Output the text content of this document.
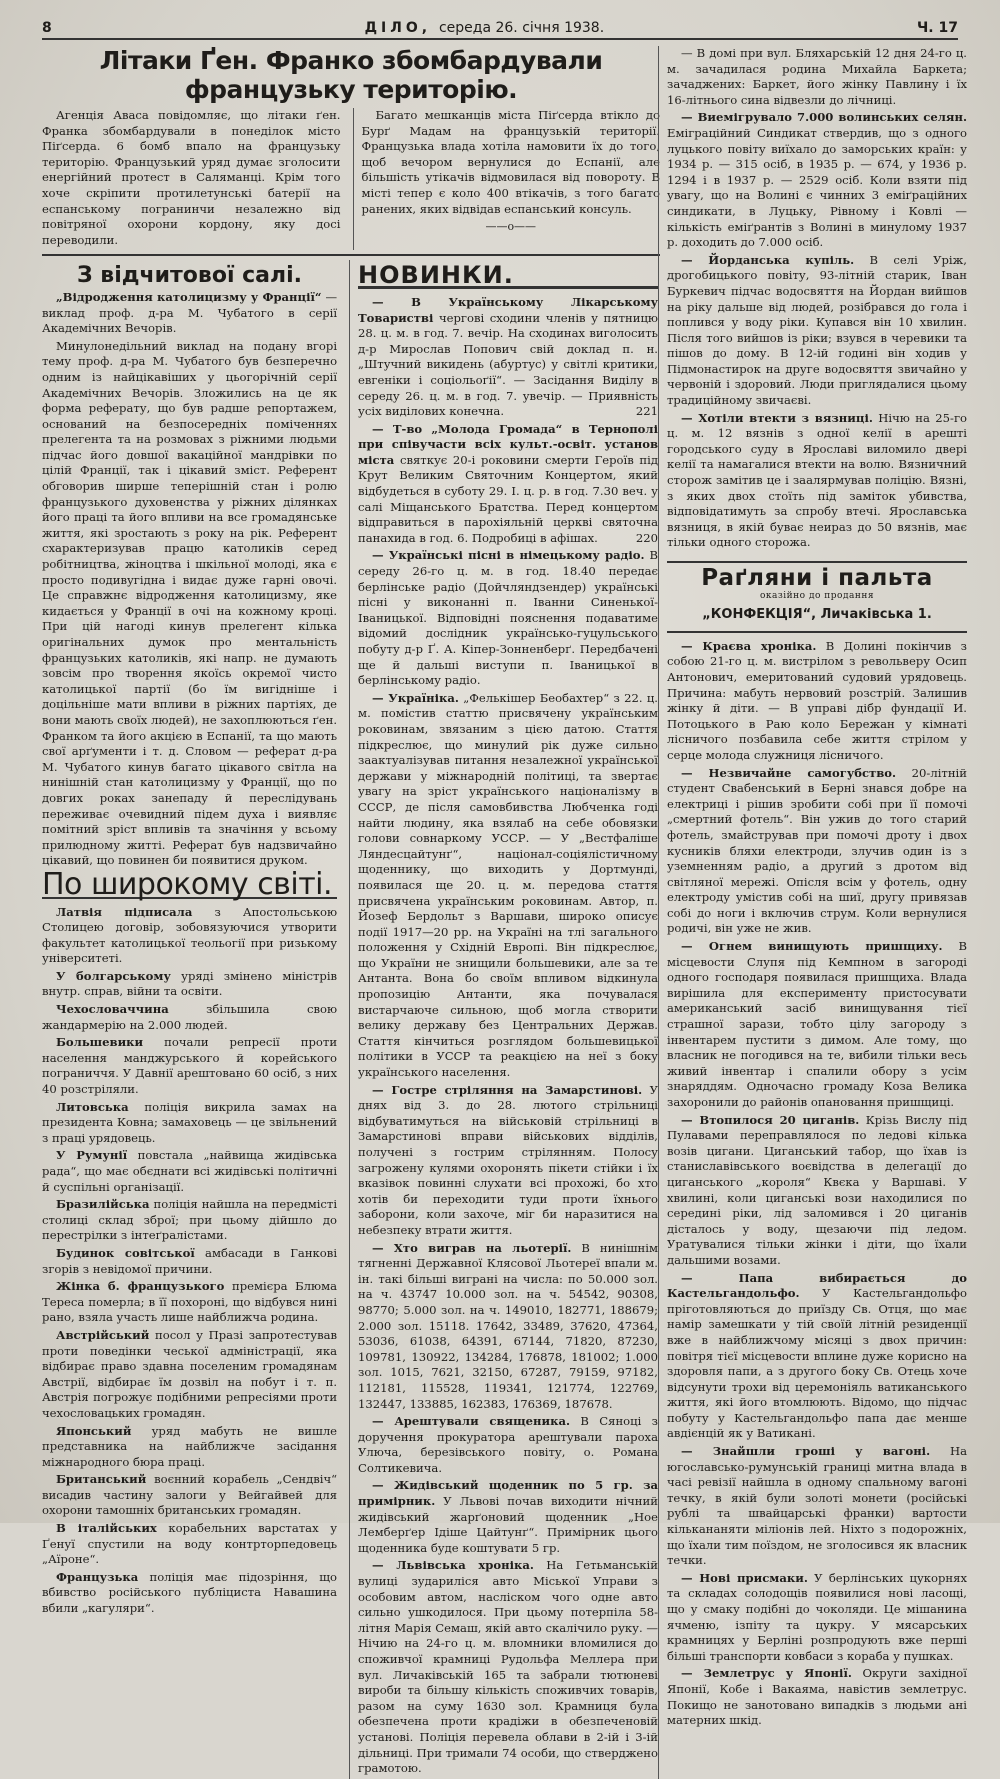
8	ДІЛО, середа 26. січня 1938.	Ч. 17
Літаки Ґен. Франко збомбардували французьку територію.

Агенція Аваса повідомляє, що літаки ґен. Франка збомбардували в понеділок місто Піґсерда. 6 бомб впало на французьку територію. Французький уряд думає зголосити енергійний протест в Саляманці. Крім того хоче скріпити протилетунські батерії на еспанському погранинчи незалежно від повітряної охорони кордону, яку досі переводили.

Багато мешканців міста Піґсерда втікло до Бурґ Мадам на французькій території. Французька влада хотіла намовити їх до того, щоб вечором вернулися до Еспанії, але більшість утікачів відмовилася від повороту. В місті тепер є коло 400 втікачів, з того багато ранених, яких відвідав еспанський консуль.

——o——
З відчитової салі.

„Відродження католицизму у Франції“ — виклад проф. д-ра М. Чубатого в серії Академічних Вечорів.

Минулонедільний виклад на подану вгорі тему проф. д-ра М. Чубатого був безперечно одним із найцікавіших у цьогорічній серії Академічних Вечорів. Зложились на це як форма реферату, що був радше репортажем, оснований на безпосередніх поміченнях прелегента та на розмовах з ріжними людьми підчас його довшої вакаційної мандрівки по цілій Франції, так і цікавий зміст. Референт обговорив ширше теперішній стан і ролю французького духовенства у ріжних ділянках його праці та його впливи на все громадянське життя, які зростають з року на рік. Референт схарактеризував працю католиків серед робітництва, жіноцтва і шкільної молоді, яка є просто подивугідна і видає дуже гарні овочі. Це справжнє відродження католицизму, яке кидається у Франції в очі на кожному кроці. При цій нагоді кинув прелегент кілька оригінальних думок про ментальність французьких католиків, які напр. не думають зовсім про творення якоїсь окремої чисто католицької партії (бо їм вигідніше і доцільніше мати впливи в ріжних партіях, де вони мають своїх людей), не захоплюються ґен. Франком та його акцією в Еспанії, та що мають свої арґументи і т. д. Словом — реферат д-ра М. Чубатого кинув багато цікавого світла на нинішній стан католицизму у Франції, що по довгих роках занепаду й переслідувань переживає очевидний підем духа і виявляє помітний зріст впливів та значіння у всьому прилюдному житті. Реферат був надзвичайно цікавий, що повинен би появитися друком.

По широкому світі.

Латвія підписала з Апостольською Столицею договір, зобовязуючися утворити факультет католицької теольогії при ризькому університеті.

У болгарському уряді змінено міністрів внутр. справ, війни та освіти.

Чехословаччина збільшила свою жандармерію на 2.000 людей.

Большевики почали репресії проти населення манджурського й корейського пограниччя. У Давнії арештовано 60 осіб, з них 40 розстріляли.

Литовська поліція викрила замах на президента Ковна; замаховець — це звільнений з праці урядовець.

У Румунії повстала „найвища жидівська рада“, що має обєднати всі жидівські політичні й суспільні організації.

Бразилійська поліція найшла на передмісті столиці склад зброї; при цьому дійшло до перестрілки з інтеґралістами.

Будинок совітської амбасади в Ганкові згорів з невідомої причини.

Жінка б. французького премієра Блюма Тереса померла; в її похороні, що відбувся нині рано, взяла участь лише найближча родина.

Австрійський посол у Празі запротестував проти поведінки чеської адміністрації, яка відбирає право здавна поселеним громадянам Австрії, відбирає їм дозвіл на побут і т. п. Австрія погрожує подібними репресіями проти чехословацьких громадян.

Японський уряд мабуть не вишле представника на найближче засідання міжнародного бюра праці.

Британський воєнний корабель „Сендвіч“ висадив частину залоги у Вейгайвей для охорони тамошніх британських громадян.

В італійських корабельних варстатах у Ґенуї спустили на воду контрторпедовець „Аїроне“.

Французька поліція має підозріння, що вбивство російського публіциста Навашина вбили „кагуляри“.

НОВИНКИ.

— В Українському Лікарському Товаристві чергові сходини членів у пятницю 28. ц. м. в год. 7. вечір. На сходинах виголосить д-р Мирослав Попович свій доклад п. н. „Штучний викидень (абуртус) у світлі критики, евгеніки і соціольоґії“. — Засідання Виділу в середу 26. ц. м. в год. 7. увечір. — Приявність усіх виділових конечна.	221

— Т-во „Молода Громада“ в Тернополі при співучасти всіх культ.-освіт. установ міста святкує 20-і роковини смерти Героїв під Крут Великим Святочним Концертом, який відбудеться в суботу 29. І. ц. р. в год. 7.30 веч. у салі Міщанського Братства. Перед концертом відправиться в парохіяльній церкві святочна панахида в год. 6. Подробиці в афішах.	220

— Українські пісні в німецькому радіо. В середу 26-го ц. м. в год. 18.40 передає берлінське радіо (Дойчляндзендер) українські пісні у виконанні п. Іванни Синенької-Іваницької. Відповідні пояснення подаватиме відомий дослідник українсько-гуцульського побуту д-р Ґ. А. Кіпер-Зонненберґ. Передбачені ще й дальші виступи п. Іваницької в берлінському радіо.

— Україніка. „Фелькішер Беобахтер“ з 22. ц. м. помістив статтю присвячену українським роковинам, звязаним з цією датою. Стаття підкреслює, що минулий рік дуже сильно заактуалізував питання незалежної української держави у міжнародній політиці, та звертає увагу на зріст українського націоналізму в СССР, де після самовбивства Любченка годі найти людину, яка взялаб на себе обовязки голови совнаркому УССР. — У „Вестфаліше Ляндесцайтунґ“, націонал-соціялістичному щоденнику, що виходить у Дортмунді, появилася ще 20. ц. м. передова стаття присвячена українським роковинам. Автор, п. Йозеф Бердольт з Варшави, широко описує події 1917—20 рр. на Україні на тлі загального положення у Східній Европі. Він підкреслює, що України не знищили большевики, але за те Антанта. Вона бо своїм впливом відкинула пропозицію Антанти, яка почувалася вистарчаюче сильною, щоб могла створити велику державу без Центральних Держав. Стаття кінчиться розглядом большевицької політики в УССР та реакцією на неї з боку українського населення.

— Гостре стріляння на Замарстинові. У днях від 3. до 28. лютого стрільниці відбуватимуться на військовій стрільниці в Замарстинові вправи військових відділів, получені з гострим стрілянням. Полосу загрожену кулями охоронять пікети стійки і їх вказівок повинні слухати всі прохожі, бо хто хотів би переходити туди проти їхнього заборони, коли захоче, міг би наразитися на небезпеку втрати життя.

— Хто виграв на льотерії. В нинішнім тягненні Державної Клясової Льотереї впали м. ін. такі більші виграні на числа: по 50.000 зол. на ч. 43747 10.000 зол. на ч. 54542, 90308, 98770; 5.000 зол. на ч. 149010, 182771, 188679; 2.000 зол. 15118. 17642, 33489, 37620, 47364, 53036, 61038, 64391, 67144, 71820, 87230, 109781, 130922, 134284, 176878, 181002; 1.000 зол. 1015, 7621, 32150, 67287, 79159, 97182, 112181, 115528, 119341, 121774, 122769, 132447, 133885, 162383, 176369, 187678.

— Арештували священика. В Сяноці з доручення прокуратора арештували пароха Улюча, березівського повіту, о. Романа Солтикевича.

— Жидівський щоденник по 5 гр. за примірник. У Львові почав виходити нічний жидівський жарґоновий щоденник „Ное Лемберґер Ідіше Цайтунґ“. Примірник цього щоденника буде коштувати 5 гр.

— Львівська хроніка. На Гетьманській вулиці зудариліся авто Міської Управи з особовим автом, насліском чого одне авто сильно ушкодилося. При цьому потерпіла 58-літня Марія Семаш, якій авто скалічило руку. — Нічию на 24-го ц. м. вломники вломилися до споживчої крамниці Рудольфа Меллера при вул. Личаківській 165 та забрали тютюневі вироби та більшу кількість споживчих товарів, разом на суму 1630 зол. Крамниця була обезпечена проти крадіжи в обезпеченовій установі. Поліція перевела облави в 2-ій і 3-ій дільниці. При тримали 74 особи, що стверджено грамотою.

— В домі при вул. Бляхарській 12 дня 24-го ц. м. зачадилася родина Михайла Баркета; зачаджених: Баркет, його жінку Павлину і їх 16-літнього сина відвезли до лічниці.

— Виемігрувало 7.000 волинських селян. Еміграційний Синдикат ствердив, що з одного луцького повіту виїхало до заморських країн: у 1934 р. — 315 осіб, в 1935 р. — 674, у 1936 р. 1294 і в 1937 р. — 2529 осіб. Коли взяти під увагу, що на Волині є чинних 3 еміґраційних синдикати, в Луцьку, Рівному і Ковлі — кількість еміґрантів з Волині в минулому 1937 р. доходить до 7.000 осіб.

— Йорданська купіль. В селі Уріж, дрогобицького повіту, 93-літній старик, Іван Буркевич підчас водосвяття на Йордан вийшов на ріку дальше від людей, розібрався до гола і поплився у воду ріки. Купався він 10 хвилин. Після того вийшов із ріки; взувся в черевики та пішов до дому. В 12-ій годині він ходив у Підмонастирок на друге водосвяття звичайно у червоній і здоровий. Люди приглядалися цьому традиційному звичаєві.

— Хотіли втекти з вязниці. Нічю на 25-го ц. м. 12 вязнів з одної келії в арешті городського суду в Ярославі виломило двері келії та намагалися втекти на волю. Вязничний сторож замітив це і заалярмував поліцію. Вязні, з яких двох стоїть під заміток убивства, відповідатимуть за спробу втечі. Ярославська вязниця, в якій буває неираз до 50 вязнів, має тільки одного сторожа.

Раґляни і пальта
оказійно до продання
„КОНФЕКЦІЯ“, Личаківська 1.

— Краєва хроніка. В Долині покінчив з собою 21-го ц. м. вистрілом з револьверу Осип Антонович, емеритований судовий урядовець. Причина: мабуть нервовий розстрій. Залишив жінку й діти. — В управі дібр фундації И. Потоцького в Раю коло Бережан у кімнаті лісничого позбавила себе життя стрілом у серце молода служниця лісничого.

— Незвичайне самогубство. 20-літній студент Свабенський в Берні знався добре на електриці і рішив зробити собі при її помочі „смертний фотель“. Він ужив до того старий фотель, змайстрував при помочі дроту і двох кусників бляхи електроди, злучив один із з уземненням радіо, а другий з дротом від світляної мережі. Опісля всім у фотель, одну електроду умістив собі на шиї, другу привязав собі до ноги і включив струм. Коли вернулися родичі, він уже не жив.

— Огнем винищують пришщиху. В місцевости Слупя під Кемпном в загороді одного господаря появилася пришщиха. Влада вирішила для експерименту пристосувати американський засіб винищування тієї страшної зарази, тобто цілу загороду з інвентарем пустити з димом. Але тому, що власник не погодився на те, вибили тільки весь живий інвентар і спалили обору з усім знаряддям. Одночасно громаду Коза Велика захоронили до районів опановання пришщиці.

— Втопилося 20 циганів. Крізь Вислу під Пулавами переправлялося по ледові кілька возів цигани. Циганський табор, що їхав із станиславівського воєвідства в делегації до циганського „короля“ Квєка у Варшаві. У хвилині, коли циганські вози находилися по середині ріки, лід заломився і 20 циганів дісталось у воду, щезаючи під ледом. Уратувалися тільки жінки і діти, що їхали дальшими возами.

— Папа вибирається до Кастельгандольфо. У Кастельгандольфо пріготовляються до приїзду Св. Отця, що має намір замешкати у тій своїй літній резиденції вже в найближчому місяці з двох причин: повітря тієї місцевости вплине дуже корисно на здоровля папи, а з другого боку Св. Отець хоче відсунути трохи від церемоніяль ватиканського життя, які його втомлюють. Відомо, що підчас побуту у Кастельгандольфо папа дає менше авдієнцій як у Ватикані.

— Знайшли гроші у вагоні. На югославсько-румунській границі митна влада в часі ревізії найшла в одному спальному вагоні течку, в якій були золоті монети (російські рублі та швайцарські франки) вартости кількананяти міліонів лей. Ніхто з подорожніх, що їхали тим поїздом, не зголосився як власник течки.

— Нові присмаки. У берлінських цукорнях та складах солодощів появилися нові ласощі, що у смаку подібні до чоколяди. Це мішанина ячменю, ізпіту та цукру. У мясарських крамницях у Берліні розпродують вже перші більші транспорти ковбаси з кораба у пушках.

— Землетрус у Японії. Округи західної Японії, Кобе і Вакаяма, навістив землетрус. Покищо не занотовано випадків з людьми ані матерних шкід.
